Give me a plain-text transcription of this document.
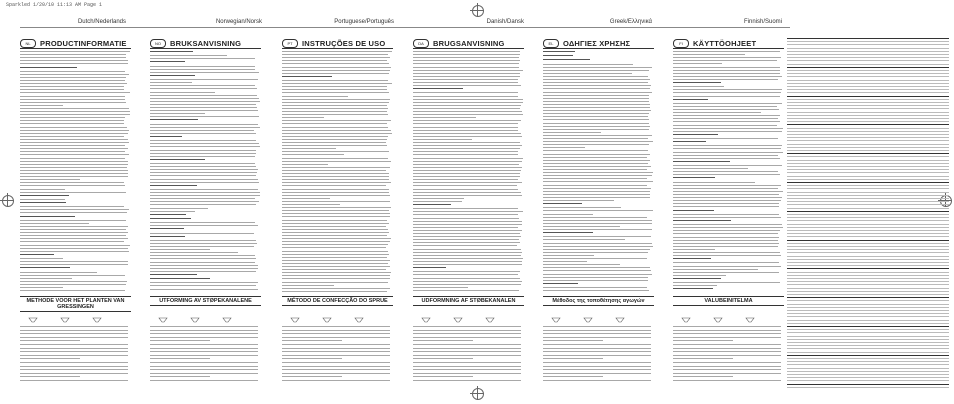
Sparkled 1/20/10 11:13 AM Page 1
Dutch/Nederlands	Norwegian/Norsk	Portuguese/Português	Danish/Dansk	Greek/Ελληνικά	Finnish/Suomi
NL	PRODUCTINFORMATIE	NO	BRUKSANVISNING	PT	INSTRUÇÕES DE USO	DA	BRUGSANVISNING	EL	ΟΔΗΓΙΕΣ ΧΡΗΣΗΣ	FI	KÄYTTÖOHJEET
METHODE VOOR HET PLANTEN VAN GRESSINGEN
UTFORMING AV STØPEKANALENE	MÉTODO DE CONFECÇÃO DO SPRUE	UDFORMNING AF STØBEKANALEN	Μέθοδος της τοποθέτησης αγωγών	VALUBEINITELMA
